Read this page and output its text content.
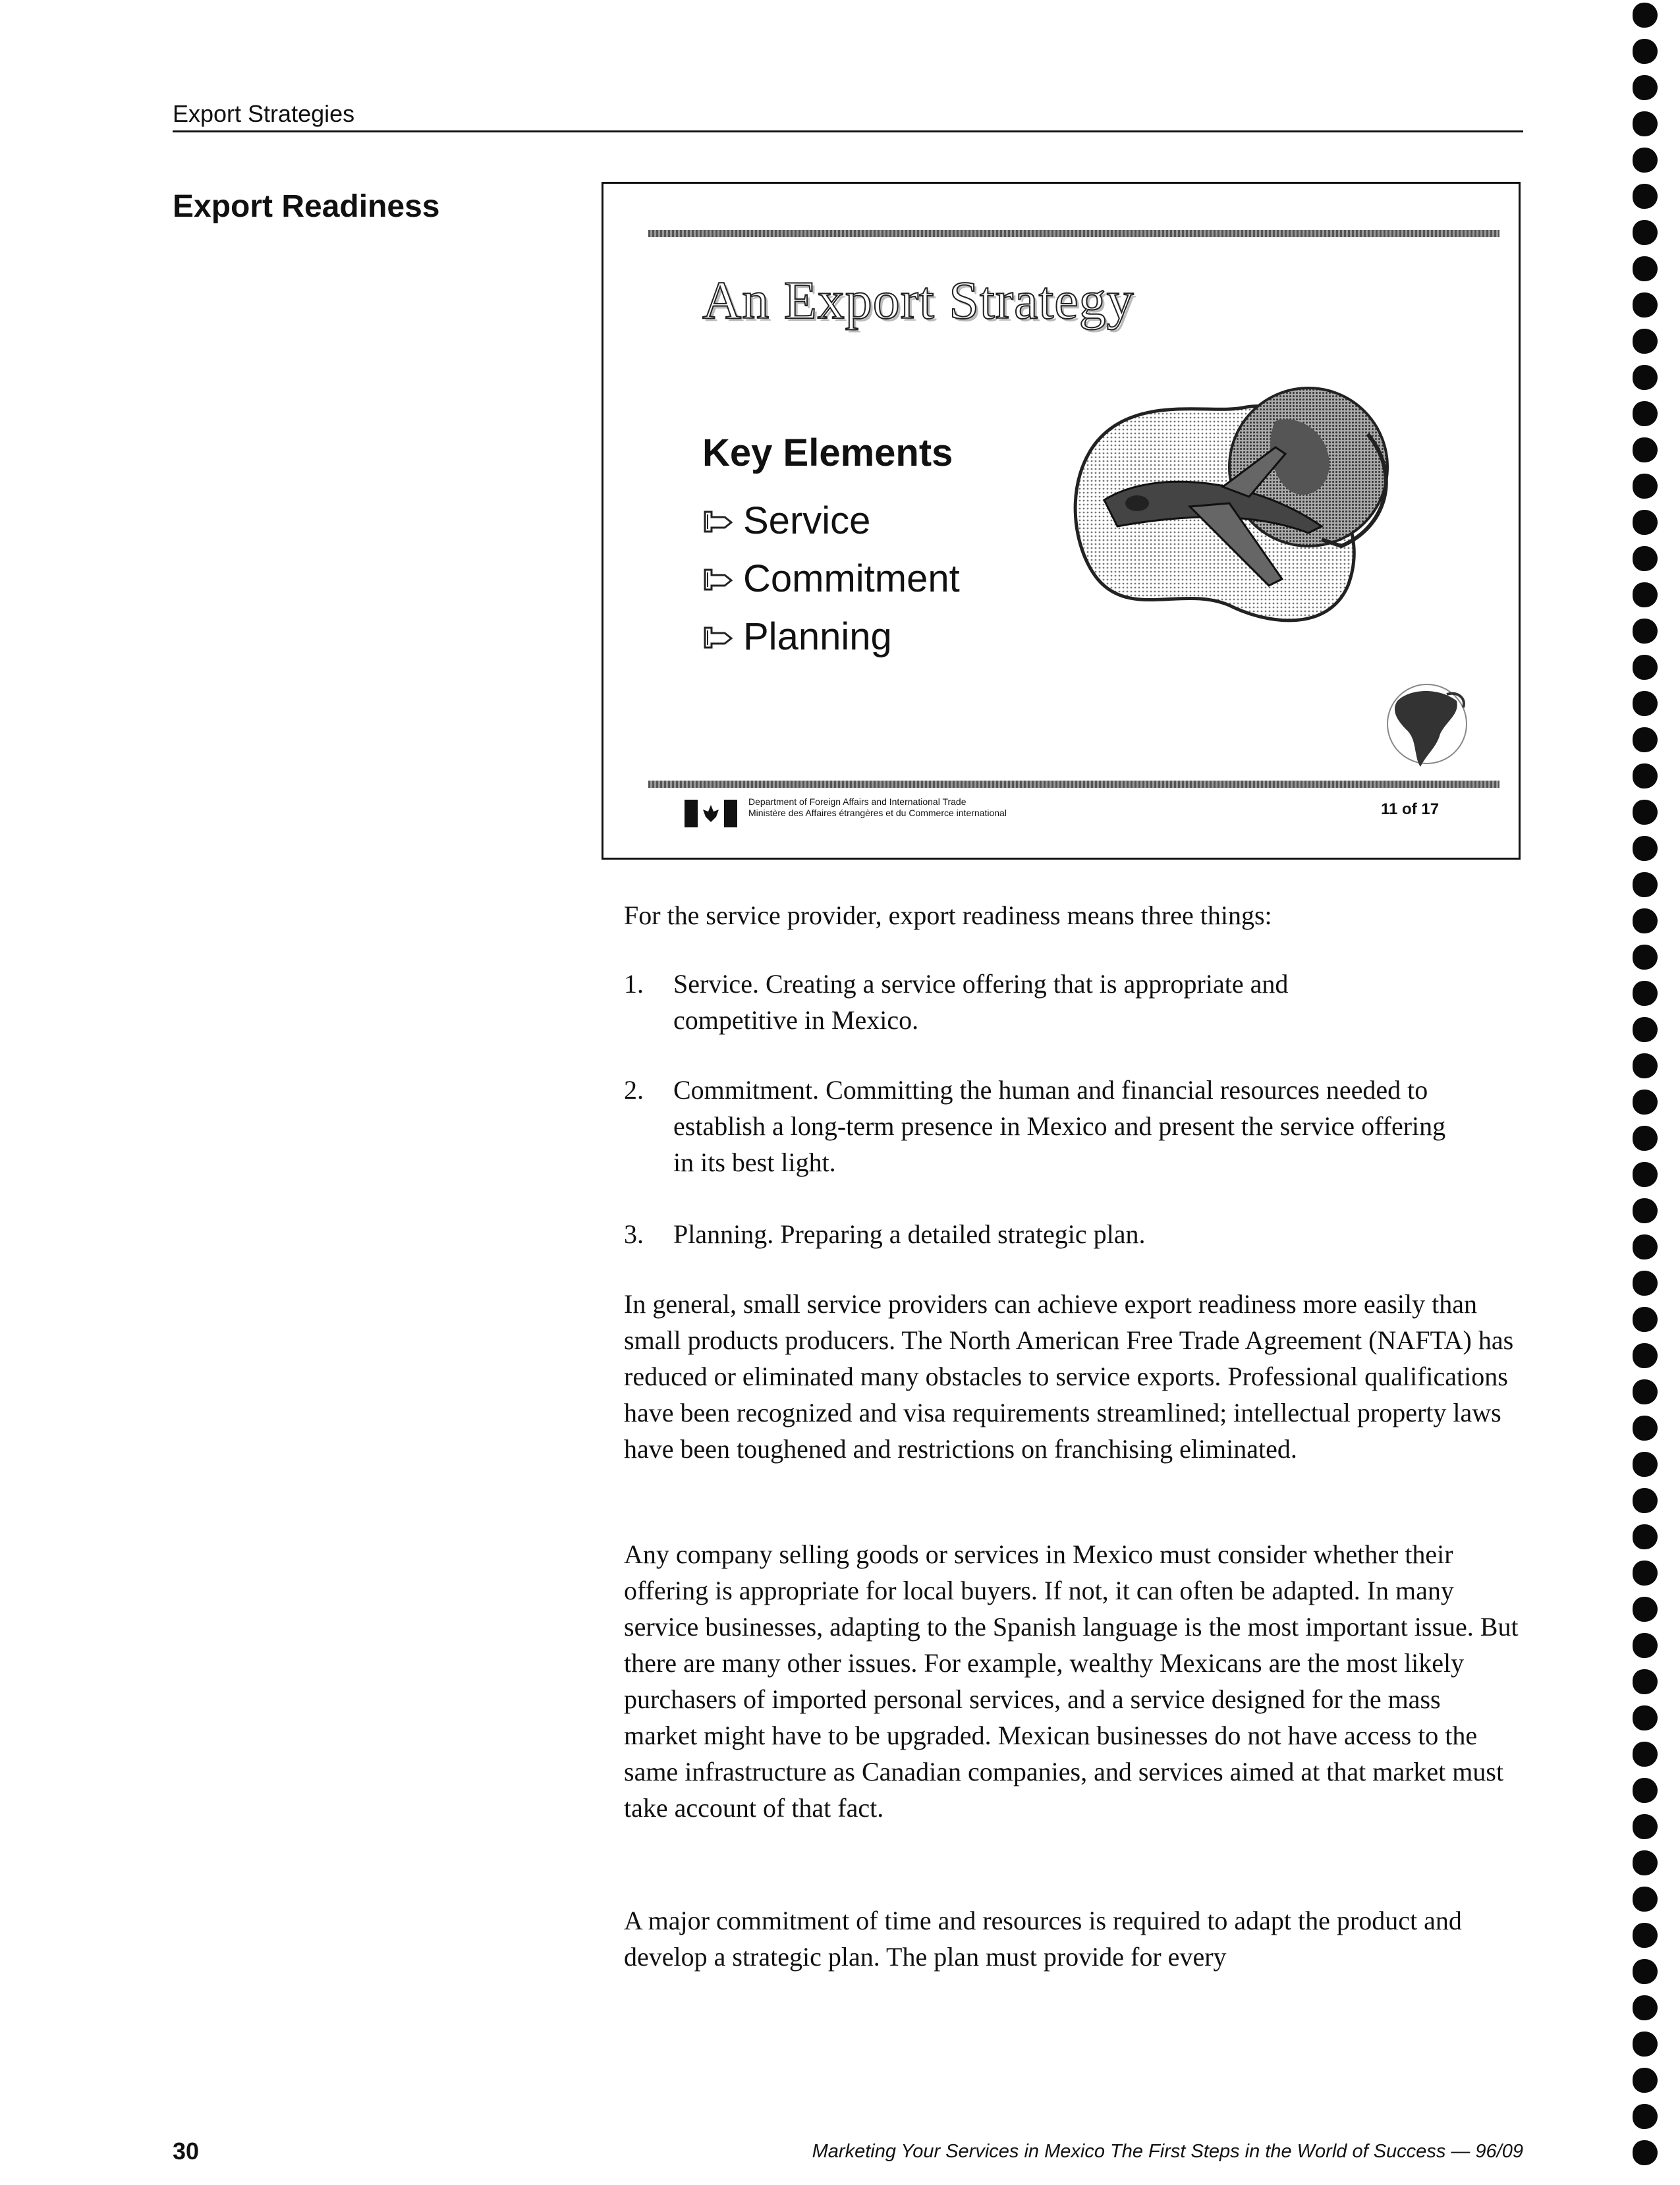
Export Strategies
Export Readiness
An Export Strategy
Key Elements
Service
Commitment
Planning
Department of Foreign Affairs and International Trade
Ministère des Affaires étrangères et du Commerce international	11 of 17

For the service provider, export readiness means three things:

1.	Service. Creating a service offering that is appropriate and competitive in Mexico.
2.	Commitment. Committing the human and financial resources needed to establish a long-term presence in Mexico and present the service offering in its best light.
3.	Planning. Preparing a detailed strategic plan.

In general, small service providers can achieve export readiness more easily than small products producers. The North American Free Trade Agreement (NAFTA) has reduced or eliminated many obstacles to service exports. Professional qualifications have been recognized and visa requirements streamlined; intellectual property laws have been toughened and restrictions on franchising eliminated.

Any company selling goods or services in Mexico must consider whether their offering is appropriate for local buyers. If not, it can often be adapted. In many service businesses, adapting to the Spanish language is the most important issue. But there are many other issues. For example, wealthy Mexicans are the most likely purchasers of imported personal services, and a service designed for the mass market might have to be upgraded. Mexican businesses do not have access to the same infrastructure as Canadian companies, and services aimed at that market must take account of that fact.

A major commitment of time and resources is required to adapt the product and develop a strategic plan. The plan must provide for every

30	Marketing Your Services in Mexico The First Steps in the World of Success — 96/09
